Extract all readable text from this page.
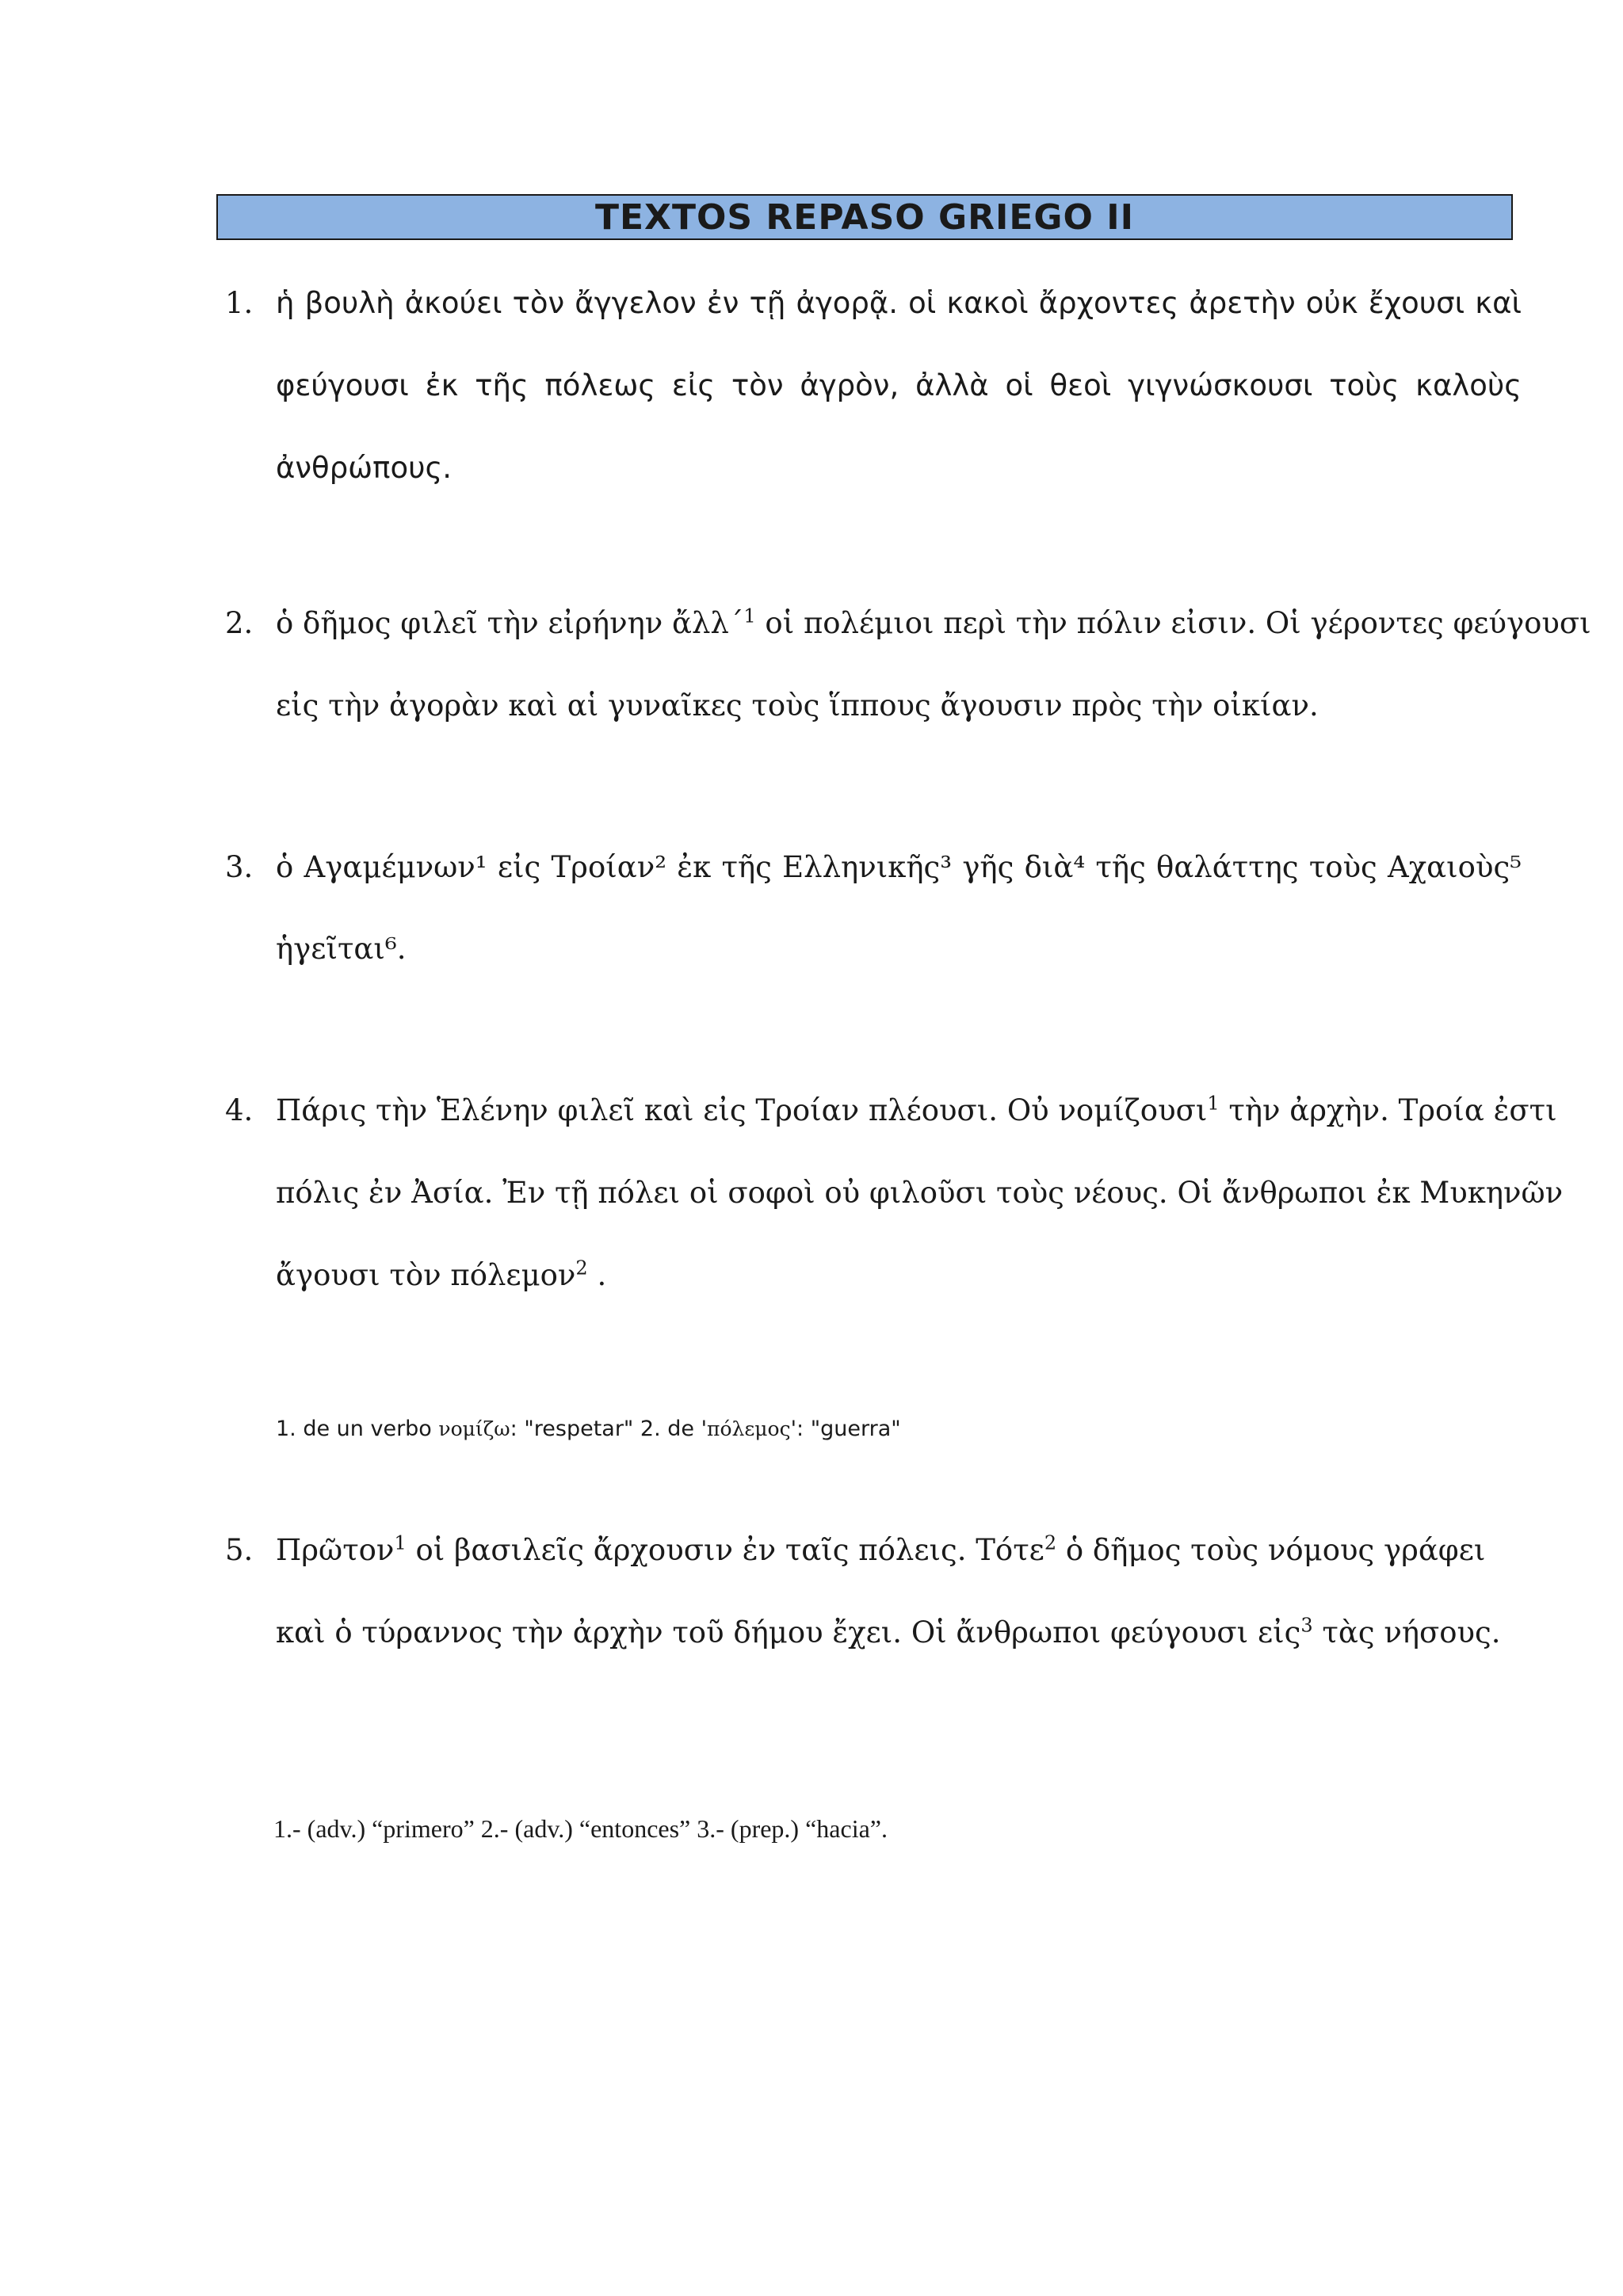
TEXTOS REPASO GRIEGO II
1. ἡ βουλὴ ἀκούει τὸν ἄγγελον ἐν τῇ ἀγορᾷ. οἱ κακοὶ ἄρχοντες ἀρετὴν οὐκ ἔχουσι καὶ
φεύγουσι ἐκ τῆς πόλεως εἰς τὸν ἀγρὸν, ἀλλὰ οἱ θεοὶ γιγνώσκουσι τοὺς καλοὺς
ἀνθρώπους.
2. ὁ δῆμος φιλεῖ τὴν εἰρήνην ἄλλ΄$^1$ οἱ πολέμιοι περὶ τὴν πόλιν εἰσιν. Οἱ γέροντες φεύγουσι
εἰς τὴν ἀγορὰν καὶ αἱ γυναῖκες τοὺς ἵππους ἄγουσιν πρὸς τὴν οἰκίαν.
3. ὁ Αγαμέμνων¹ εἰς Τροίαν² ἐκ τῆς Ελληνικῆς³ γῆς διὰ⁴ τῆς θαλάττης τοὺς Αχαιοὺς⁵
ἡγεῖται⁶.
4. Πάρις τὴν Ἑλένην φιλεῖ καὶ εἰς Τροίαν πλέουσι. Οὐ νομίζουσι$^1$ τὴν ἀρχὴν. Τροία ἐστι
πόλις ἐν Ἀσία. Ἐν τῇ πόλει οἱ σοφοὶ οὐ φιλοῦσι τοὺς νέους. Οἱ ἄνθρωποι ἐκ Μυκηνῶν
ἄγουσι τὸν πόλεμον$^2$ .
1. de un verbo νομίζω: "respetar" 2. de 'πόλεμος': "guerra"
5. Πρῶτον$^1$ οἱ βασιλεῖς ἄρχουσιν ἐν ταῖς πόλεις. Τότε$^2$ ὁ δῆμος τοὺς νόμους γράφει
καὶ ὁ τύραννος τὴν ἀρχὴν τοῦ δήμου ἔχει. Οἱ ἄνθρωποι φεύγουσι εἰς$^3$ τὰς νήσους.
1.- (adv.) “primero” 2.- (adv.) “entonces” 3.- (prep.) “hacia”.
